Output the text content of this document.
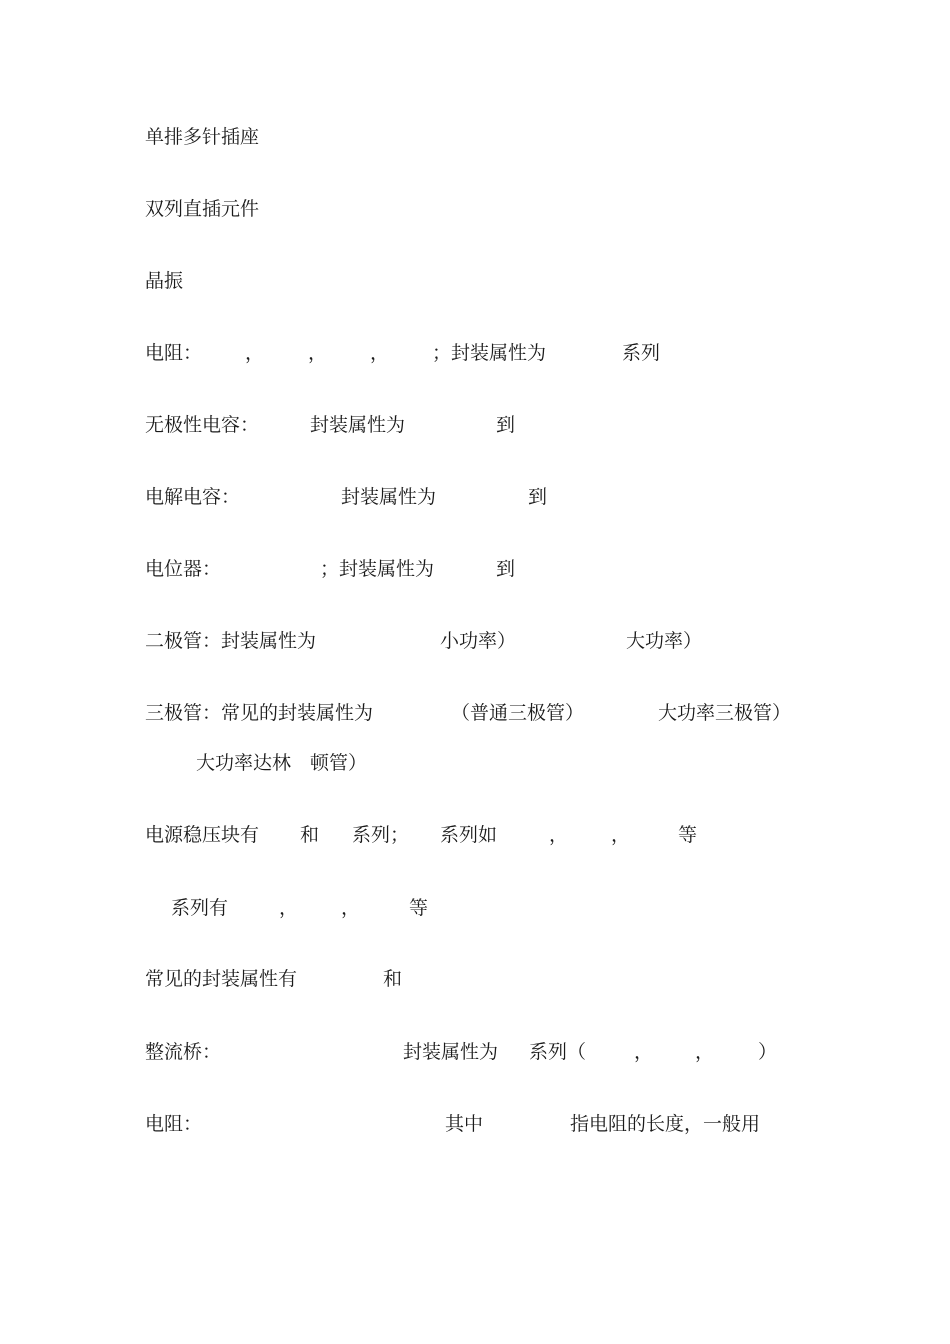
单排多针插座
双列直插元件
晶振
电阻： ， ， ， ；封装属性为	系列
无极性电容：	封装属性为	到
电解电容：	封装属性为	到
电位器：	；封装属性为	到
二极管：封装属性为	小功率）	大功率）
三极管：常见的封装属性为	（普通三极管）	大功率三极管）
大功率达林 顿管）
电源稳压块有 和 系列； 系列如	， ，	等
系列有	， ，	等
常见的封装属性有	和
整流桥：	封装属性为 系列（	， ， ）
电阻：	其中	指电阻的长度，一般用
